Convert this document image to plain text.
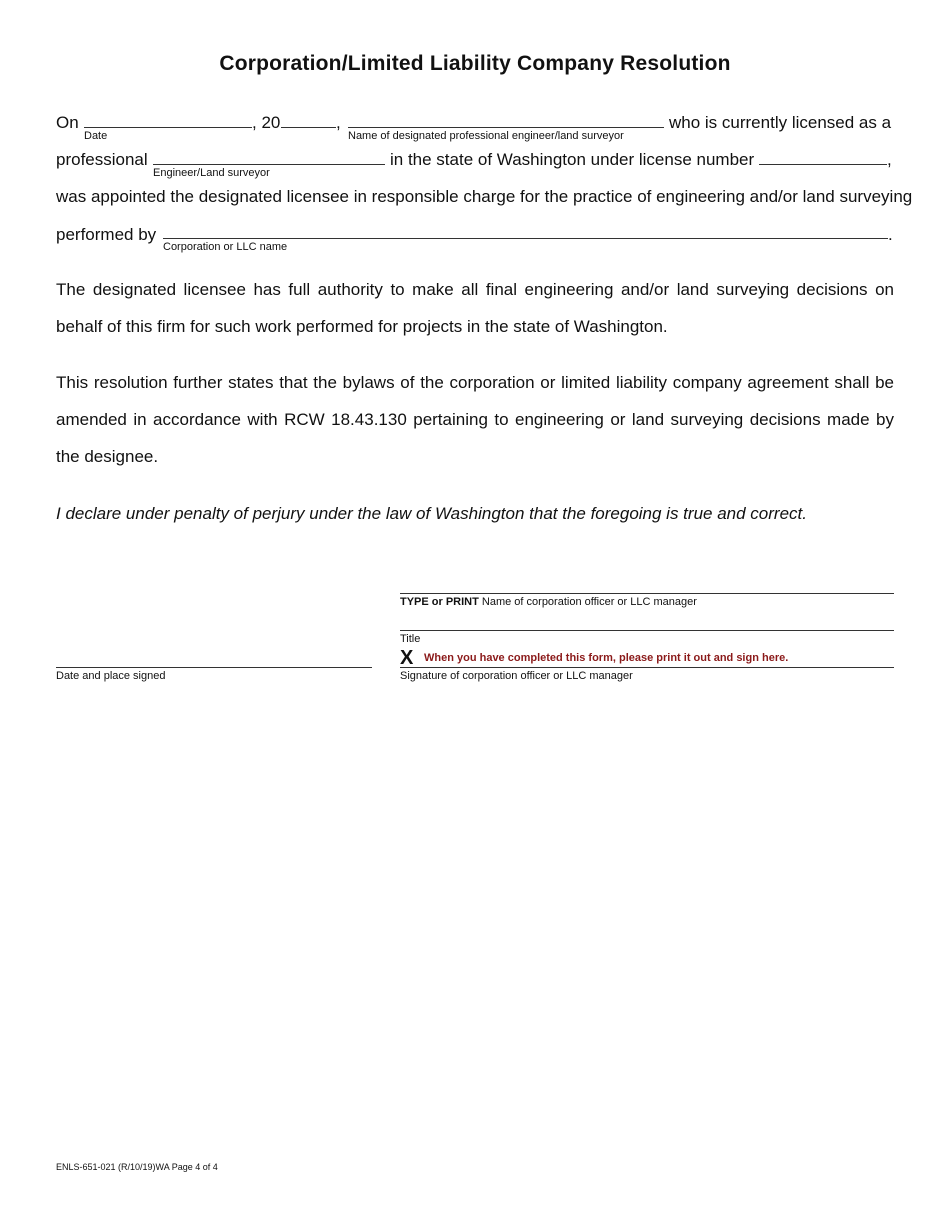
Corporation/Limited Liability Company Resolution
On
Date
, 20	,
Name of designated professional engineer/land surveyor
who is currently licensed as a
professional
Engineer/Land surveyor
in the state of Washington under license number	,
was appointed the designated licensee in responsible charge for the practice of engineering and/or land surveying
performed by
Corporation or LLC name
.
The designated licensee has full authority to make all final engineering and/or land surveying decisions on behalf of this firm for such work performed for projects in the state of Washington.
This resolution further states that the bylaws of the corporation or limited liability company agreement shall be amended in accordance with RCW 18.43.130 pertaining to engineering or land surveying decisions made by the designee.
I declare under penalty of perjury under the law of Washington that the foregoing is true and correct.
TYPE or PRINT Name of corporation officer or LLC manager
Title
X When you have completed this form, please print it out and sign here.
Date and place signed	Signature of corporation officer or LLC manager
ENLS-651-021 (R/10/19)WA Page 4 of 4
